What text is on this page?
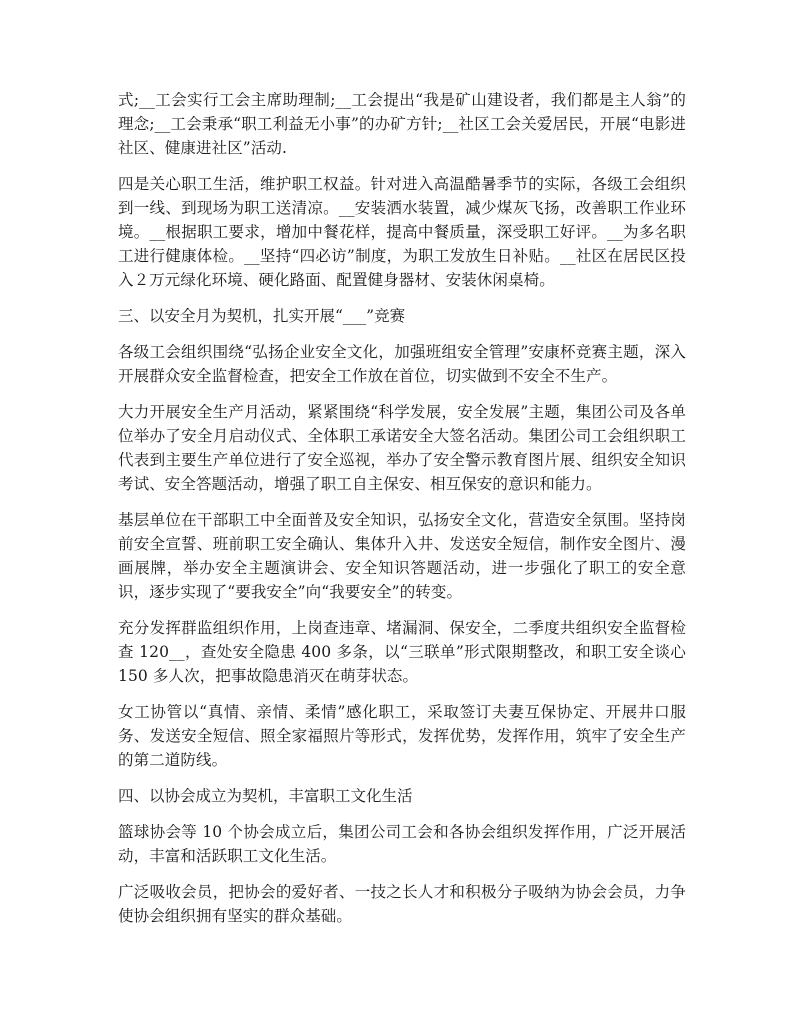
式;__工会实行工会主席助理制;__工会提出“我是矿山建设者，我们都是主人翁”的理念;__工会秉承“职工利益无小事”的办矿方针;__社区工会关爱居民，开展“电影进社区、健康进社区”活动.

四是关心职工生活，维护职工权益。针对进入高温酷暑季节的实际，各级工会组织到一线、到现场为职工送清凉。__安装洒水装置，减少煤灰飞扬，改善职工作业环境。__根据职工要求，增加中餐花样，提高中餐质量，深受职工好评。__为多名职工进行健康体检。__坚持“四必访”制度，为职工发放生日补贴。__社区在居民区投入２万元绿化环境、硬化路面、配置健身器材、安装休闲桌椅。

三、以安全月为契机，扎实开展“___”竞赛

各级工会组织围绕“弘扬企业安全文化，加强班组安全管理”安康杯竞赛主题，深入开展群众安全监督检查，把安全工作放在首位，切实做到不安全不生产。

大力开展安全生产月活动，紧紧围绕“科学发展，安全发展”主题，集团公司及各单位举办了安全月启动仪式、全体职工承诺安全大签名活动。集团公司工会组织职工代表到主要生产单位进行了安全巡视，举办了安全警示教育图片展、组织安全知识考试、安全答题活动，增强了职工自主保安、相互保安的意识和能力。

基层单位在干部职工中全面普及安全知识，弘扬安全文化，营造安全氛围。坚持岗前安全宣誓、班前职工安全确认、集体升入井、发送安全短信，制作安全图片、漫画展牌，举办安全主题演讲会、安全知识答题活动，进一步强化了职工的安全意识，逐步实现了“要我安全”向“我要安全”的转变。

充分发挥群监组织作用，上岗查违章、堵漏洞、保安全，二季度共组织安全监督检查 120__，查处安全隐患 400 多条，以“三联单”形式限期整改，和职工安全谈心 150 多人次，把事故隐患消灭在萌芽状态。

女工协管以“真情、亲情、柔情”感化职工，采取签订夫妻互保协定、开展井口服务、发送安全短信、照全家福照片等形式，发挥优势，发挥作用，筑牢了安全生产的第二道防线。

四、以协会成立为契机，丰富职工文化生活

篮球协会等 10 个协会成立后，集团公司工会和各协会组织发挥作用，广泛开展活动，丰富和活跃职工文化生活。

广泛吸收会员，把协会的爱好者、一技之长人才和积极分子吸纳为协会会员，力争使协会组织拥有坚实的群众基础。
